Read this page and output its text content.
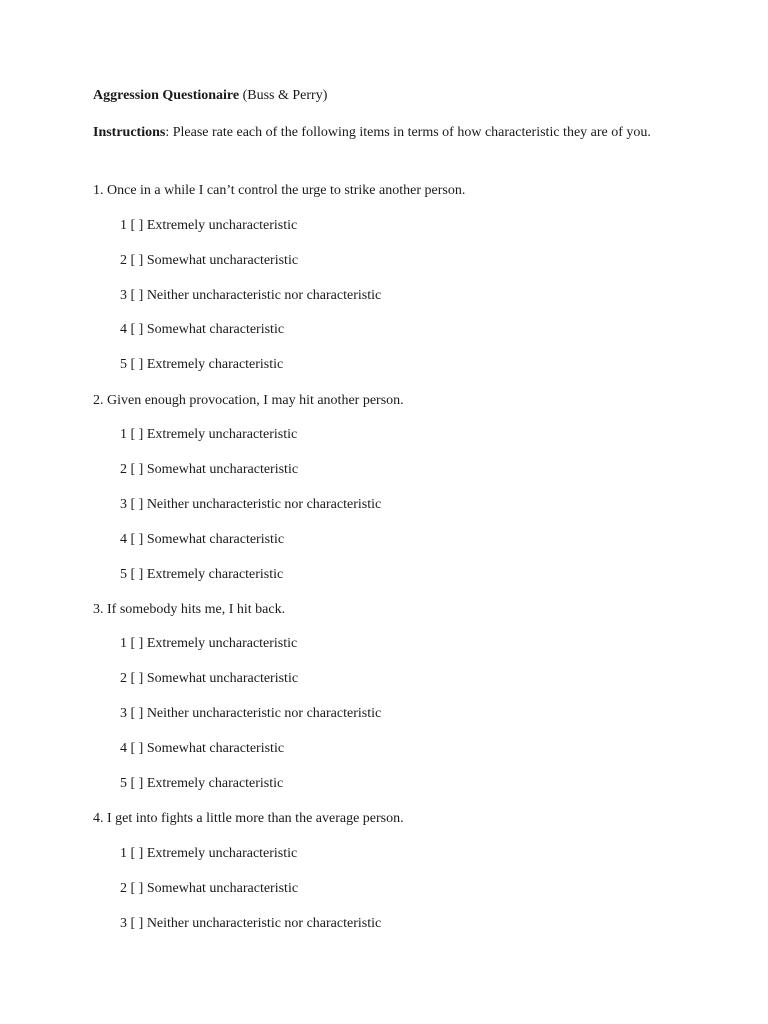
Aggression Questionaire (Buss & Perry)
Instructions: Please rate each of the following items in terms of how characteristic they are of you.
1. Once in a while I can’t control the urge to strike another person.
1 [ ] Extremely uncharacteristic
2 [ ] Somewhat uncharacteristic
3 [ ] Neither uncharacteristic nor characteristic
4 [ ] Somewhat characteristic
5 [ ] Extremely characteristic
2. Given enough provocation, I may hit another person.
1 [ ] Extremely uncharacteristic
2 [ ] Somewhat uncharacteristic
3 [ ] Neither uncharacteristic nor characteristic
4 [ ] Somewhat characteristic
5 [ ] Extremely characteristic
3. If somebody hits me, I hit back.
1 [ ] Extremely uncharacteristic
2 [ ] Somewhat uncharacteristic
3 [ ] Neither uncharacteristic nor characteristic
4 [ ] Somewhat characteristic
5 [ ] Extremely characteristic
4. I get into fights a little more than the average person.
1 [ ] Extremely uncharacteristic
2 [ ] Somewhat uncharacteristic
3 [ ] Neither uncharacteristic nor characteristic
